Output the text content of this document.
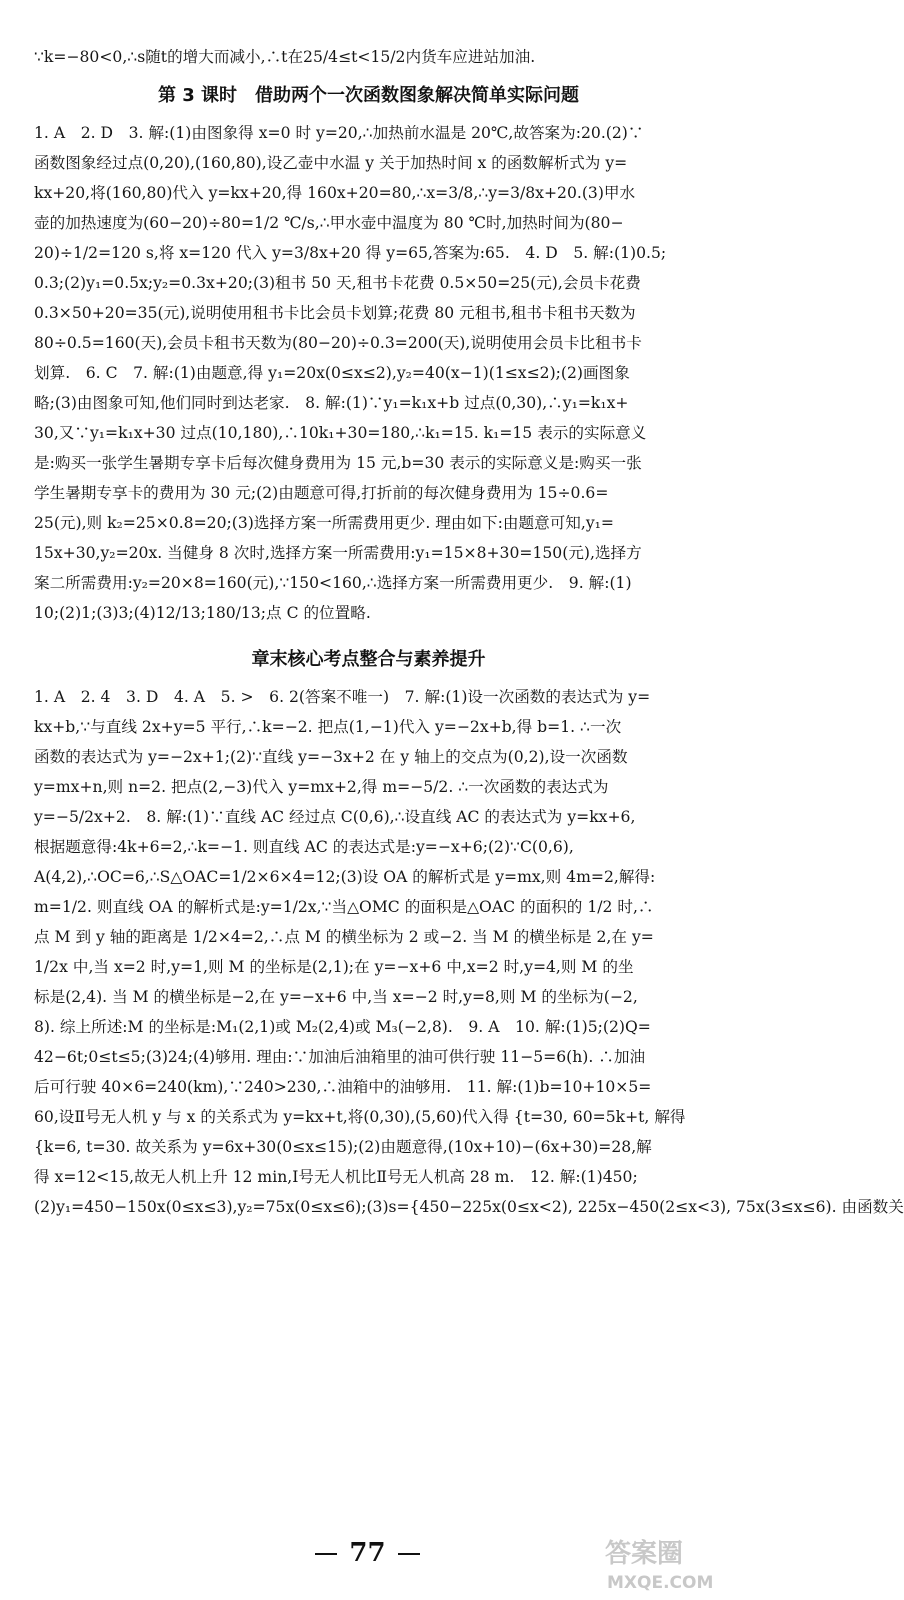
∵k=−80<0,∴s随t的增大而减小,∴t在25/4≤t<15/2内货车应进站加油.
第 3 课时　借助两个一次函数图象解决简单实际问题
1. A　2. D　3. 解:(1)由图象得 x=0 时 y=20,∴加热前水温是 20℃,故答案为:20.(2)∵
函数图象经过点(0,20),(160,80),设乙壶中水温 y 关于加热时间 x 的函数解析式为 y=
kx+20,将(160,80)代入 y=kx+20,得 160x+20=80,∴x=3/8,∴y=3/8x+20.(3)甲水
壶的加热速度为(60−20)÷80=1/2 ℃/s,∴甲水壶中温度为 80 ℃时,加热时间为(80−
20)÷1/2=120 s,将 x=120 代入 y=3/8x+20 得 y=65,答案为:65.　4. D　5. 解:(1)0.5;
0.3;(2)y₁=0.5x;y₂=0.3x+20;(3)租书 50 天,租书卡花费 0.5×50=25(元),会员卡花费
0.3×50+20=35(元),说明使用租书卡比会员卡划算;花费 80 元租书,租书卡租书天数为
80÷0.5=160(天),会员卡租书天数为(80−20)÷0.3=200(天),说明使用会员卡比租书卡
划算.　6. C　7. 解:(1)由题意,得 y₁=20x(0≤x≤2),y₂=40(x−1)(1≤x≤2);(2)画图象
略;(3)由图象可知,他们同时到达老家.　8. 解:(1)∵y₁=k₁x+b 过点(0,30),∴y₁=k₁x+
30,又∵y₁=k₁x+30 过点(10,180),∴10k₁+30=180,∴k₁=15. k₁=15 表示的实际意义
是:购买一张学生暑期专享卡后每次健身费用为 15 元,b=30 表示的实际意义是:购买一张
学生暑期专享卡的费用为 30 元;(2)由题意可得,打折前的每次健身费用为 15÷0.6=
25(元),则 k₂=25×0.8=20;(3)选择方案一所需费用更少. 理由如下:由题意可知,y₁=
15x+30,y₂=20x. 当健身 8 次时,选择方案一所需费用:y₁=15×8+30=150(元),选择方
案二所需费用:y₂=20×8=160(元),∵150<160,∴选择方案一所需费用更少.　9. 解:(1)
10;(2)1;(3)3;(4)12/13;180/13;点 C 的位置略.
章末核心考点整合与素养提升
1. A　2. 4　3. D　4. A　5. >　6. 2(答案不唯一)　7. 解:(1)设一次函数的表达式为 y=
kx+b,∵与直线 2x+y=5 平行,∴k=−2. 把点(1,−1)代入 y=−2x+b,得 b=1. ∴一次
函数的表达式为 y=−2x+1;(2)∵直线 y=−3x+2 在 y 轴上的交点为(0,2),设一次函数
y=mx+n,则 n=2. 把点(2,−3)代入 y=mx+2,得 m=−5/2. ∴一次函数的表达式为
y=−5/2x+2.　8. 解:(1)∵直线 AC 经过点 C(0,6),∴设直线 AC 的表达式为 y=kx+6,
根据题意得:4k+6=2,∴k=−1. 则直线 AC 的表达式是:y=−x+6;(2)∵C(0,6),
A(4,2),∴OC=6,∴S△OAC=1/2×6×4=12;(3)设 OA 的解析式是 y=mx,则 4m=2,解得:
m=1/2. 则直线 OA 的解析式是:y=1/2x,∵当△OMC 的面积是△OAC 的面积的 1/2 时,∴
点 M 到 y 轴的距离是 1/2×4=2,∴点 M 的横坐标为 2 或−2. 当 M 的横坐标是 2,在 y=
1/2x 中,当 x=2 时,y=1,则 M 的坐标是(2,1);在 y=−x+6 中,x=2 时,y=4,则 M 的坐
标是(2,4). 当 M 的横坐标是−2,在 y=−x+6 中,当 x=−2 时,y=8,则 M 的坐标为(−2,
8). 综上所述:M 的坐标是:M₁(2,1)或 M₂(2,4)或 M₃(−2,8).　9. A　10. 解:(1)5;(2)Q=
42−6t;0≤t≤5;(3)24;(4)够用. 理由:∵加油后油箱里的油可供行驶 11−5=6(h). ∴加油
后可行驶 40×6=240(km),∵240>230,∴油箱中的油够用.　11. 解:(1)b=10+10×5=
60,设Ⅱ号无人机 y 与 x 的关系式为 y=kx+t,将(0,30),(5,60)代入得 {t=30, 60=5k+t, 解得
{k=6, t=30. 故关系为 y=6x+30(0≤x≤15);(2)由题意得,(10x+10)−(6x+30)=28,解
得 x=12<15,故无人机上升 12 min,Ⅰ号无人机比Ⅱ号无人机高 28 m.　12. 解:(1)450;
(2)y₁=450−150x(0≤x≤3),y₂=75x(0≤x≤6);(3)s={450−225x(0≤x<2), 225x−450(2≤x<3), 75x(3≤x≤6). 由函数关
77	答案圈
MXQE.COM
